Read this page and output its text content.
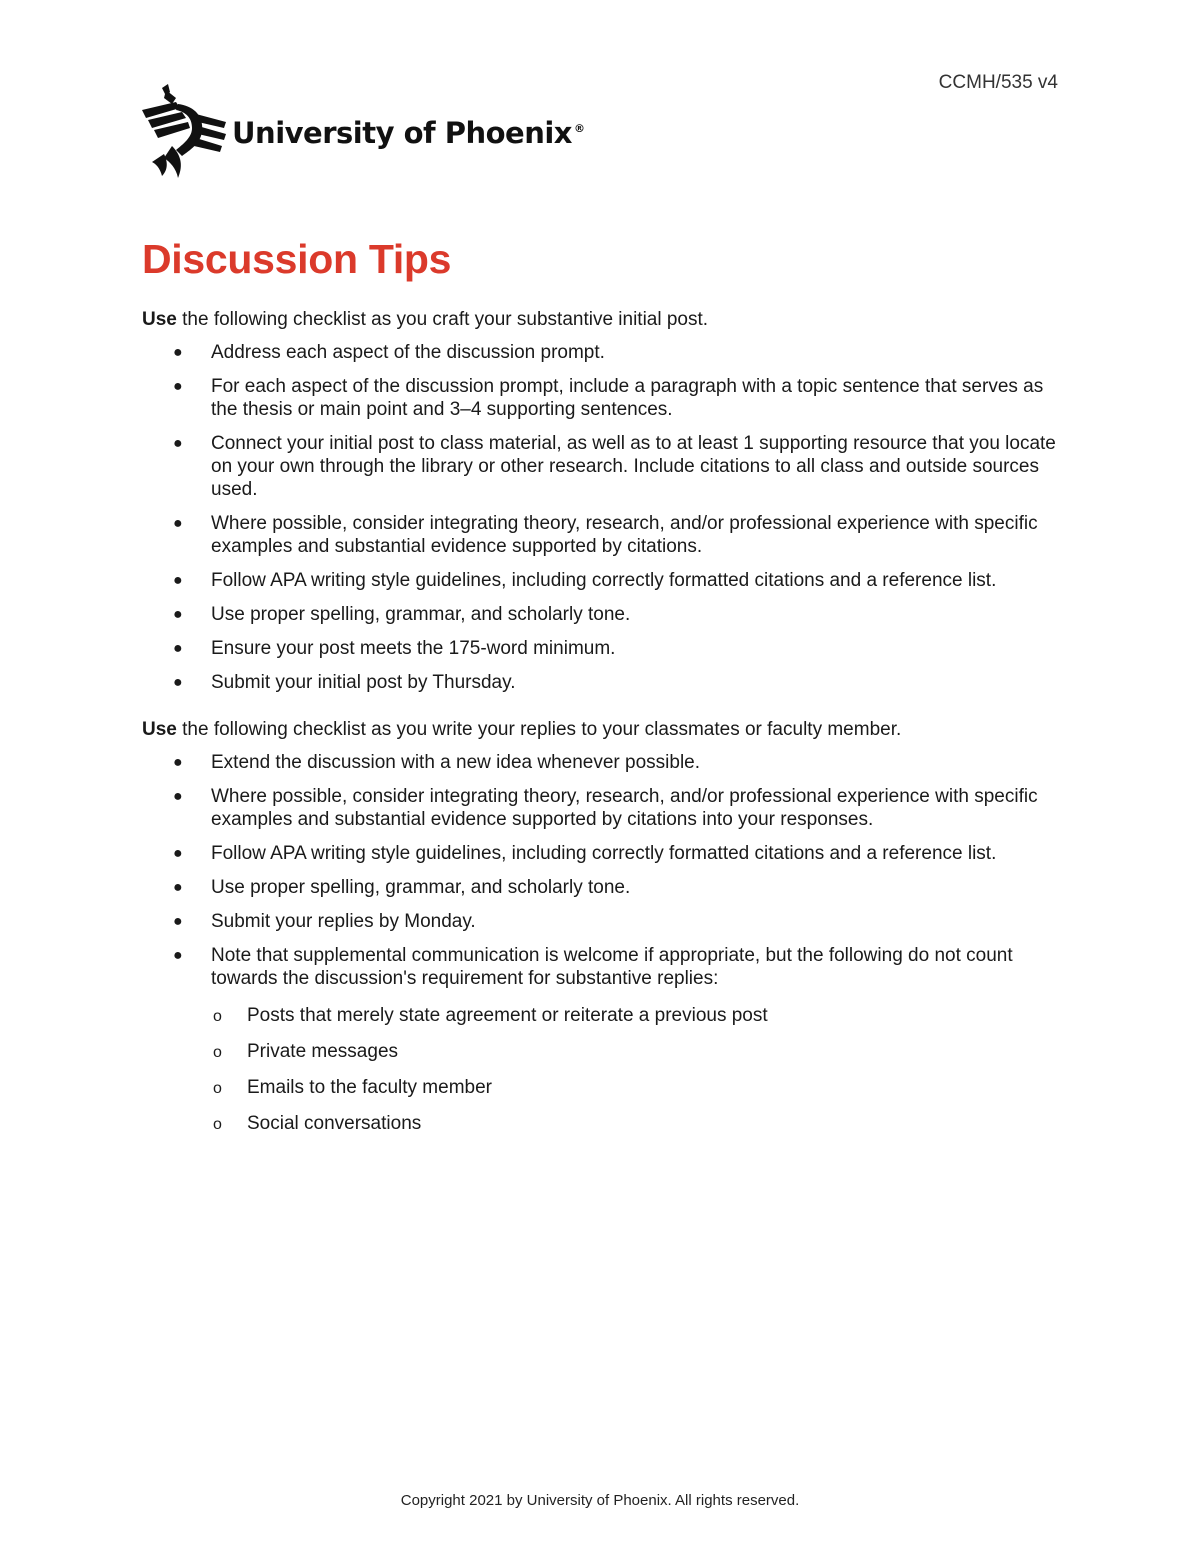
CCMH/535 v4
University of Phoenix ®
Discussion Tips

Use the following checklist as you craft your substantive initial post.

● Address each aspect of the discussion prompt.
● For each aspect of the discussion prompt, include a paragraph with a topic sentence that serves as the thesis or main point and 3–4 supporting sentences.
● Connect your initial post to class material, as well as to at least 1 supporting resource that you locate on your own through the library or other research. Include citations to all class and outside sources used.
● Where possible, consider integrating theory, research, and/or professional experience with specific examples and substantial evidence supported by citations.
● Follow APA writing style guidelines, including correctly formatted citations and a reference list.
● Use proper spelling, grammar, and scholarly tone.
● Ensure your post meets the 175-word minimum.
● Submit your initial post by Thursday.

Use the following checklist as you write your replies to your classmates or faculty member.

● Extend the discussion with a new idea whenever possible.
● Where possible, consider integrating theory, research, and/or professional experience with specific examples and substantial evidence supported by citations into your responses.
● Follow APA writing style guidelines, including correctly formatted citations and a reference list.
● Use proper spelling, grammar, and scholarly tone.
● Submit your replies by Monday.
● Note that supplemental communication is welcome if appropriate, but the following do not count towards the discussion's requirement for substantive replies:
o Posts that merely state agreement or reiterate a previous post
o Private messages
o Emails to the faculty member
o Social conversations
Copyright 2021 by University of Phoenix. All rights reserved.
